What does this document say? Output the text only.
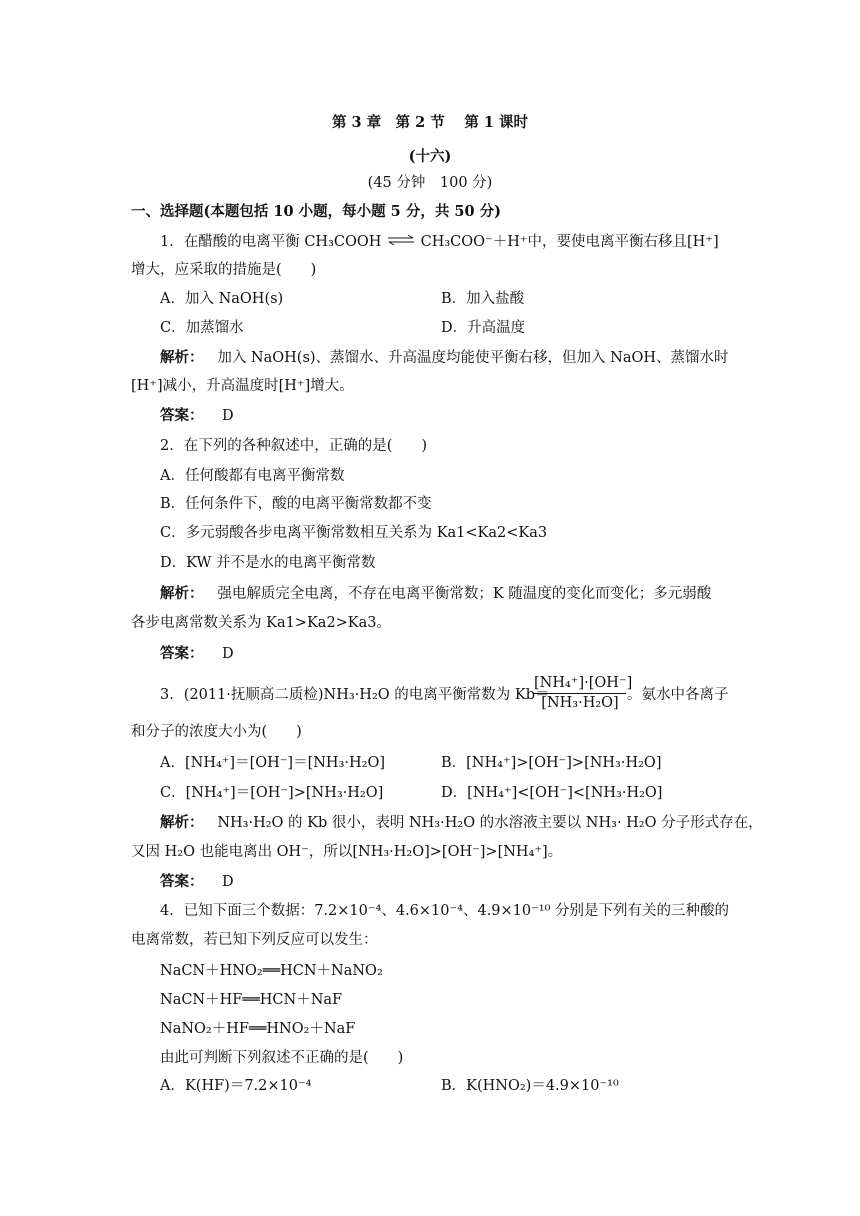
第 3 章　第 2 节　 第 1 课时
(十六)
(45 分钟　100 分)
一、选择题(本题包括 10 小题，每小题 5 分，共 50 分)
1．在醋酸的电离平衡 CH₃COOH ⇌ CH₃COO⁻＋H⁺中，要使电离平衡右移且[H⁺]
增大，应采取的措施是(　　)
A．加入 NaOH(s)	B．加入盐酸
C．加蒸馏水	D．升高温度
解析： 加入 NaOH(s)、蒸馏水、升高温度均能使平衡右移，但加入 NaOH、蒸馏水时
[H⁺]减小，升高温度时[H⁺]增大。
答案： D
2．在下列的各种叙述中，正确的是(　　)
A．任何酸都有电离平衡常数
B．任何条件下，酸的电离平衡常数都不变
C．多元弱酸各步电离平衡常数相互关系为 Ka1<Ka2<Ka3
D．KW 并不是水的电离平衡常数
解析： 强电解质完全电离，不存在电离平衡常数；K 随温度的变化而变化；多元弱酸
各步电离常数关系为 Ka1>Ka2>Ka3。
答案： D
3．(2011·抚顺高二质检)NH₃·H₂O 的电离平衡常数为 Kb＝
$\frac{\text{[NH₄⁺]·[OH⁻]}}{\text{[NH₃·H₂O]}}$ 。氨水中各离子
和分子的浓度大小为(　　)
A．[NH₄⁺]＝[OH⁻]＝[NH₃·H₂O]	B．[NH₄⁺]>[OH⁻]>[NH₃·H₂O]
C．[NH₄⁺]＝[OH⁻]>[NH₃·H₂O]	D．[NH₄⁺]<[OH⁻]<[NH₃·H₂O]
解析： NH₃·H₂O 的 Kb 很小，表明 NH₃·H₂O 的水溶液主要以 NH₃· H₂O 分子形式存在，
又因 H₂O 也能电离出 OH⁻，所以[NH₃·H₂O]>[OH⁻]>[NH₄⁺]。
答案： D
4．已知下面三个数据：7.2×10⁻⁴、4.6×10⁻⁴、4.9×10⁻¹⁰ 分别是下列有关的三种酸的
电离常数，若已知下列反应可以发生：
NaCN＋HNO₂══HCN＋NaNO₂
NaCN＋HF══HCN＋NaF
NaNO₂＋HF══HNO₂＋NaF
由此可判断下列叙述不正确的是(　　)
A．K(HF)＝7.2×10⁻⁴	B．K(HNO₂)＝4.9×10⁻¹⁰
